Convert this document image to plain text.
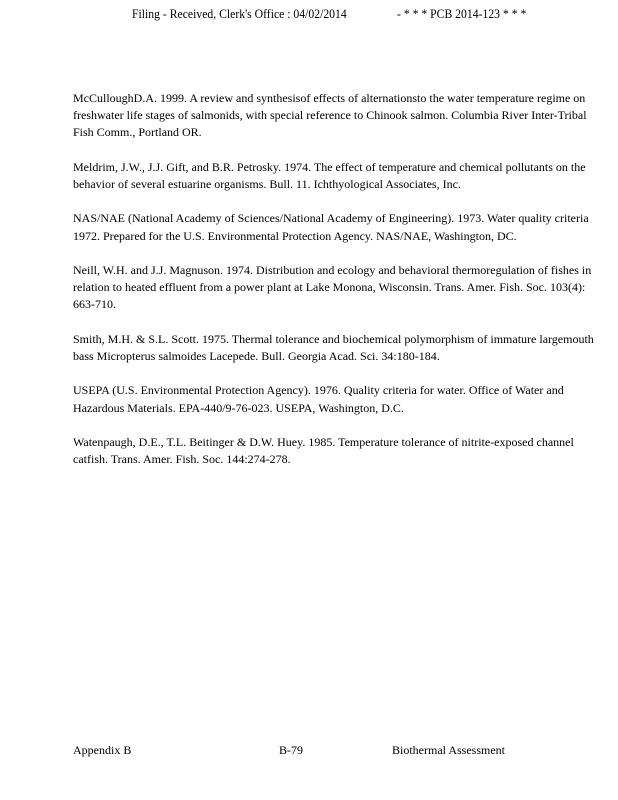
Filing - Received, Clerk's Office : 04/02/2014	- * * * PCB 2014-123 * * *

McCulloughD.A. 1999. A review and synthesisof effects of alternationsto the water temperature regime on freshwater life stages of salmonids, with special reference to Chinook salmon. Columbia River Inter-Tribal Fish Comm., Portland OR.

Meldrim, J.W., J.J. Gift, and B.R. Petrosky. 1974. The effect of temperature and chemical pollutants on the behavior of several estuarine organisms. Bull. 11. Ichthyological Associates, Inc.

NAS/NAE (National Academy of Sciences/National Academy of Engineering). 1973. Water quality criteria 1972. Prepared for the U.S. Environmental Protection Agency. NAS/NAE, Washington, DC.

Neill, W.H. and J.J. Magnuson. 1974. Distribution and ecology and behavioral thermoregulation of fishes in relation to heated effluent from a power plant at Lake Monona, Wisconsin. Trans. Amer. Fish. Soc. 103(4): 663-710.

Smith, M.H. & S.L. Scott. 1975. Thermal tolerance and biochemical polymorphism of immature largemouth bass Micropterus salmoides Lacepede. Bull. Georgia Acad. Sci. 34:180-184.

USEPA (U.S. Environmental Protection Agency). 1976. Quality criteria for water. Office of Water and Hazardous Materials. EPA-440/9-76-023. USEPA, Washington, D.C.

Watenpaugh, D.E., T.L. Beitinger & D.W. Huey. 1985. Temperature tolerance of nitrite-exposed channel catfish. Trans. Amer. Fish. Soc. 144:274-278.

Appendix B	B-79	Biothermal Assessment
